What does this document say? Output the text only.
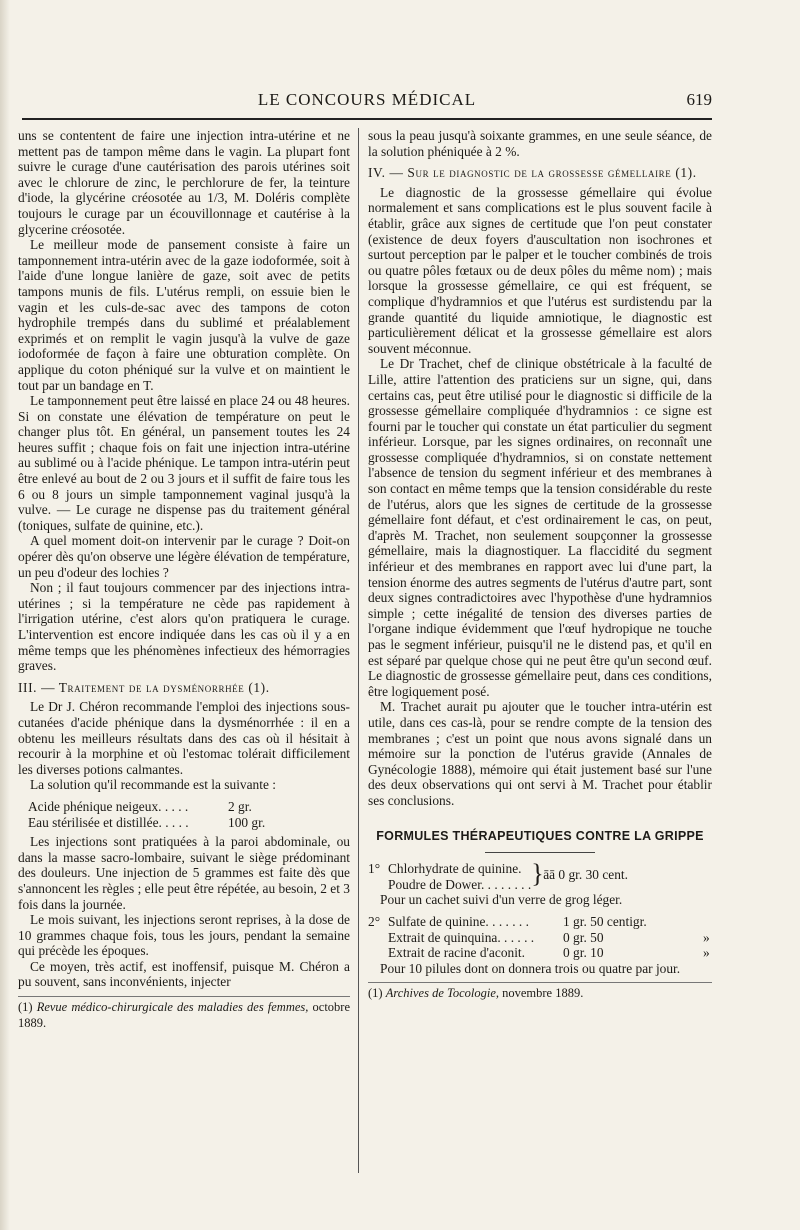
LE CONCOURS MÉDICAL	619

uns se contentent de faire une injection intra-utérine et ne mettent pas de tampon même dans le vagin. La plupart font suivre le curage d'une cautérisation des parois utérines soit avec le chlorure de zinc, le perchlorure de fer, la teinture d'iode, la glycérine créosotée au 1/3, M. Doléris complète toujours le curage par un écouvillonnage et cautérise à la glycerine créosotée.

Le meilleur mode de pansement consiste à faire un tamponnement intra-utérin avec de la gaze iodoformée, soit à l'aide d'une longue lanière de gaze, soit avec de petits tampons munis de fils. L'utérus rempli, on essuie bien le vagin et les culs-de-sac avec des tampons de coton hydrophile trempés dans du sublimé et préalablement exprimés et on remplit le vagin jusqu'à la vulve de gaze iodoformée de façon à faire une obturation complète. On applique du coton phéniqué sur la vulve et on maintient le tout par un bandage en T.

Le tamponnement peut être laissé en place 24 ou 48 heures. Si on constate une élévation de température on peut le changer plus tôt. En général, un pansement toutes les 24 heures suffit ; chaque fois on fait une injection intra-utérine au sublimé ou à l'acide phénique. Le tampon intra-utérin peut être enlevé au bout de 2 ou 3 jours et il suffit de faire tous les 6 ou 8 jours un simple tamponnement vaginal jusqu'à la vulve. — Le curage ne dispense pas du traitement général (toniques, sulfate de quinine, etc.).

A quel moment doit-on intervenir par le curage ? Doit-on opérer dès qu'on observe une légère élévation de température, un peu d'odeur des lochies ?

Non ; il faut toujours commencer par des injections intra-utérines ; si la température ne cède pas rapidement à l'irrigation utérine, c'est alors qu'on pratiquera le curage. L'intervention est encore indiquée dans les cas où il y a en même temps que les phénomènes infectieux des hémorragies graves.

III. — Traitement de la dysménorrhée (1).

Le Dr J. Chéron recommande l'emploi des injections sous-cutanées d'acide phénique dans la dysménorrhée : il en a obtenu les meilleurs résultats dans des cas où il hésitait à recourir à la morphine et où l'estomac tolérait difficilement les diverses potions calmantes.

La solution qu'il recommande est la suivante :

Acide phénique neigeux. . . . .	2 gr.
Eau stérilisée et distillée. . . . .	100 gr.

Les injections sont pratiquées à la paroi abdominale, ou dans la masse sacro-lombaire, suivant le siège prédominant des douleurs. Une injection de 5 grammes est faite dès que s'annoncent les règles ; elle peut être répétée, au besoin, 2 et 3 fois dans la journée.

Le mois suivant, les injections seront reprises, à la dose de 10 grammes chaque fois, tous les jours, pendant la semaine qui précède les époques.

Ce moyen, très actif, est inoffensif, puisque M. Chéron a pu souvent, sans inconvénients, injecter

(1) Revue médico-chirurgicale des maladies des femmes, octobre 1889.

sous la peau jusqu'à soixante grammes, en une seule séance, de la solution phéniquée à 2 %.

IV. — Sur le diagnostic de la grossesse gémellaire (1).

Le diagnostic de la grossesse gémellaire qui évolue normalement et sans complications est le plus souvent facile à établir, grâce aux signes de certitude que l'on peut constater (existence de deux foyers d'auscultation non isochrones et surtout perception par le palper et le toucher combinés de trois ou quatre pôles fœtaux ou de deux pôles du même nom) ; mais lorsque la grossesse gémellaire, ce qui est fréquent, se complique d'hydramnios et que l'utérus est surdistendu par la grande quantité du liquide amniotique, le diagnostic est particulièrement délicat et la grossesse gémellaire est alors souvent méconnue.

Le Dr Trachet, chef de clinique obstétricale à la faculté de Lille, attire l'attention des praticiens sur un signe, qui, dans certains cas, peut être utilisé pour le diagnostic si difficile de la grossesse gémellaire compliquée d'hydramnios : ce signe est fourni par le toucher qui constate un état particulier du segment inférieur. Lorsque, par les signes ordinaires, on reconnaît une grossesse compliquée d'hydramnios, si on constate nettement l'absence de tension du segment inférieur et des membranes à son contact en même temps que la tension considérable du reste de l'utérus, alors que les signes de certitude de la grossesse gémellaire font défaut, et c'est ordinairement le cas, on peut, d'après M. Trachet, non seulement soupçonner la grossesse gémellaire, mais la diagnostiquer. La flaccidité du segment inférieur et des membranes en rapport avec lui d'une part, la tension énorme des autres segments de l'utérus d'autre part, sont deux signes contradictoires avec l'hypothèse d'une hydramnios simple ; cette inégalité de tension des diverses parties de l'organe indique évidemment que l'œuf hydropique ne touche pas le segment inférieur, puisqu'il ne le distend pas, et qu'il en est séparé par quelque chose qui ne peut être qu'un second œuf. Le diagnostic de grossesse gémellaire peut, dans ces conditions, être logiquement posé.

M. Trachet aurait pu ajouter que le toucher intra-utérin est utile, dans ces cas-là, pour se rendre compte de la tension des membranes ; c'est un point que nous avons signalé dans un mémoire sur la ponction de l'utérus gravide (Annales de Gynécologie 1888), mémoire qui était justement basé sur l'une des deux observations qui ont servi à M. Trachet pour établir ses conclusions.

FORMULES THÉRAPEUTIQUES CONTRE LA GRIPPE
1° Chlorhydrate de quinine.
Poudre de Dower. . . . . . . . } āā 0 gr. 30 cent.

Pour un cachet suivi d'un verre de grog léger.

2° Sulfate de quinine. . . . . . .	1 gr. 50 centigr.
Extrait de quinquina. . . . . .	0 gr. 50	»
Extrait de racine d'aconit.	0 gr. 10	»

Pour 10 pilules dont on donnera trois ou quatre par jour.

(1) Archives de Tocologie, novembre 1889.
